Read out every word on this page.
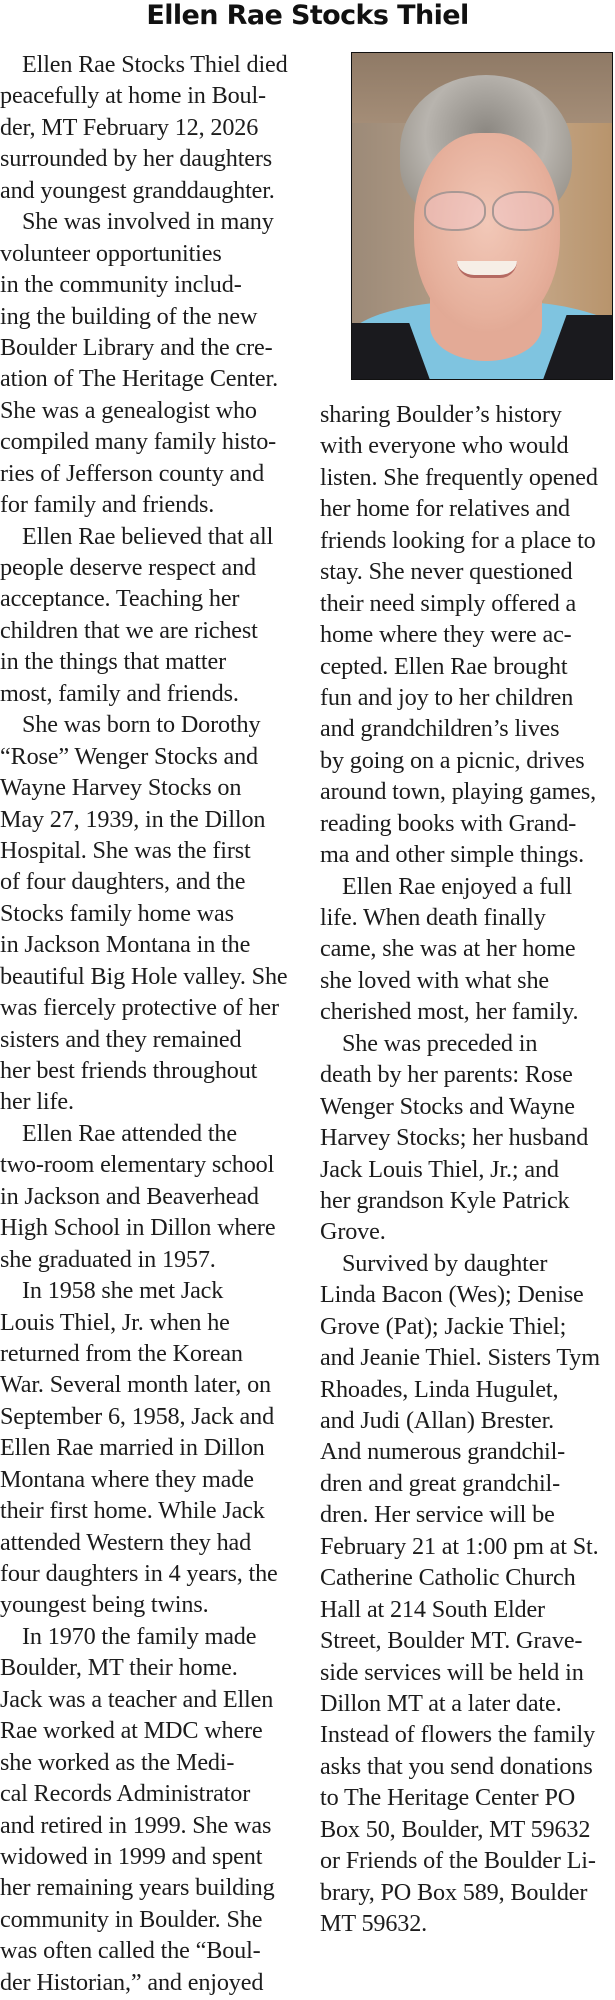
Ellen Rae Stocks Thiel
Ellen Rae Stocks Thiel died
peacefully at home in Boul-
der, MT February 12, 2026
surrounded by her daughters
and youngest granddaughter.
She was involved in many
volunteer opportunities
in the community includ-
ing the building of the new
Boulder Library and the cre-
ation of The Heritage Center.
She was a genealogist who
compiled many family histo-
ries of Jefferson county and
for family and friends.
Ellen Rae believed that all
people deserve respect and
acceptance. Teaching her
children that we are richest
in the things that matter
most, family and friends.
She was born to Dorothy
“Rose” Wenger Stocks and
Wayne Harvey Stocks on
May 27, 1939, in the Dillon
Hospital. She was the first
of four daughters, and the
Stocks family home was
in Jackson Montana in the
beautiful Big Hole valley. She
was fiercely protective of her
sisters and they remained
her best friends throughout
her life.
Ellen Rae attended the
two-room elementary school
in Jackson and Beaverhead
High School in Dillon where
she graduated in 1957.
In 1958 she met Jack
Louis Thiel, Jr. when he
returned from the Korean
War. Several month later, on
September 6, 1958, Jack and
Ellen Rae married in Dillon
Montana where they made
their first home. While Jack
attended Western they had
four daughters in 4 years, the
youngest being twins.
In 1970 the family made
Boulder, MT their home.
Jack was a teacher and Ellen
Rae worked at MDC where
she worked as the Medi-
cal Records Administrator
and retired in 1999. She was
widowed in 1999 and spent
her remaining years building
community in Boulder. She
was often called the “Boul-
der Historian,” and enjoyed
sharing Boulder’s history
with everyone who would
listen. She frequently opened
her home for relatives and
friends looking for a place to
stay. She never questioned
their need simply offered a
home where they were ac-
cepted. Ellen Rae brought
fun and joy to her children
and grandchildren’s lives
by going on a picnic, drives
around town, playing games,
reading books with Grand-
ma and other simple things.
Ellen Rae enjoyed a full
life. When death finally
came, she was at her home
she loved with what she
cherished most, her family.
She was preceded in
death by her parents: Rose
Wenger Stocks and Wayne
Harvey Stocks; her husband
Jack Louis Thiel, Jr.; and
her grandson Kyle Patrick
Grove.
Survived by daughter
Linda Bacon (Wes); Denise
Grove (Pat); Jackie Thiel;
and Jeanie Thiel. Sisters Tym
Rhoades, Linda Hugulet,
and Judi (Allan) Brester.
And numerous grandchil-
dren and great grandchil-
dren. Her service will be
February 21 at 1:00 pm at St.
Catherine Catholic Church
Hall at 214 South Elder
Street, Boulder MT. Grave-
side services will be held in
Dillon MT at a later date.
Instead of flowers the family
asks that you send donations
to The Heritage Center PO
Box 50, Boulder, MT 59632
or Friends of the Boulder Li-
brary, PO Box 589, Boulder
MT 59632.
